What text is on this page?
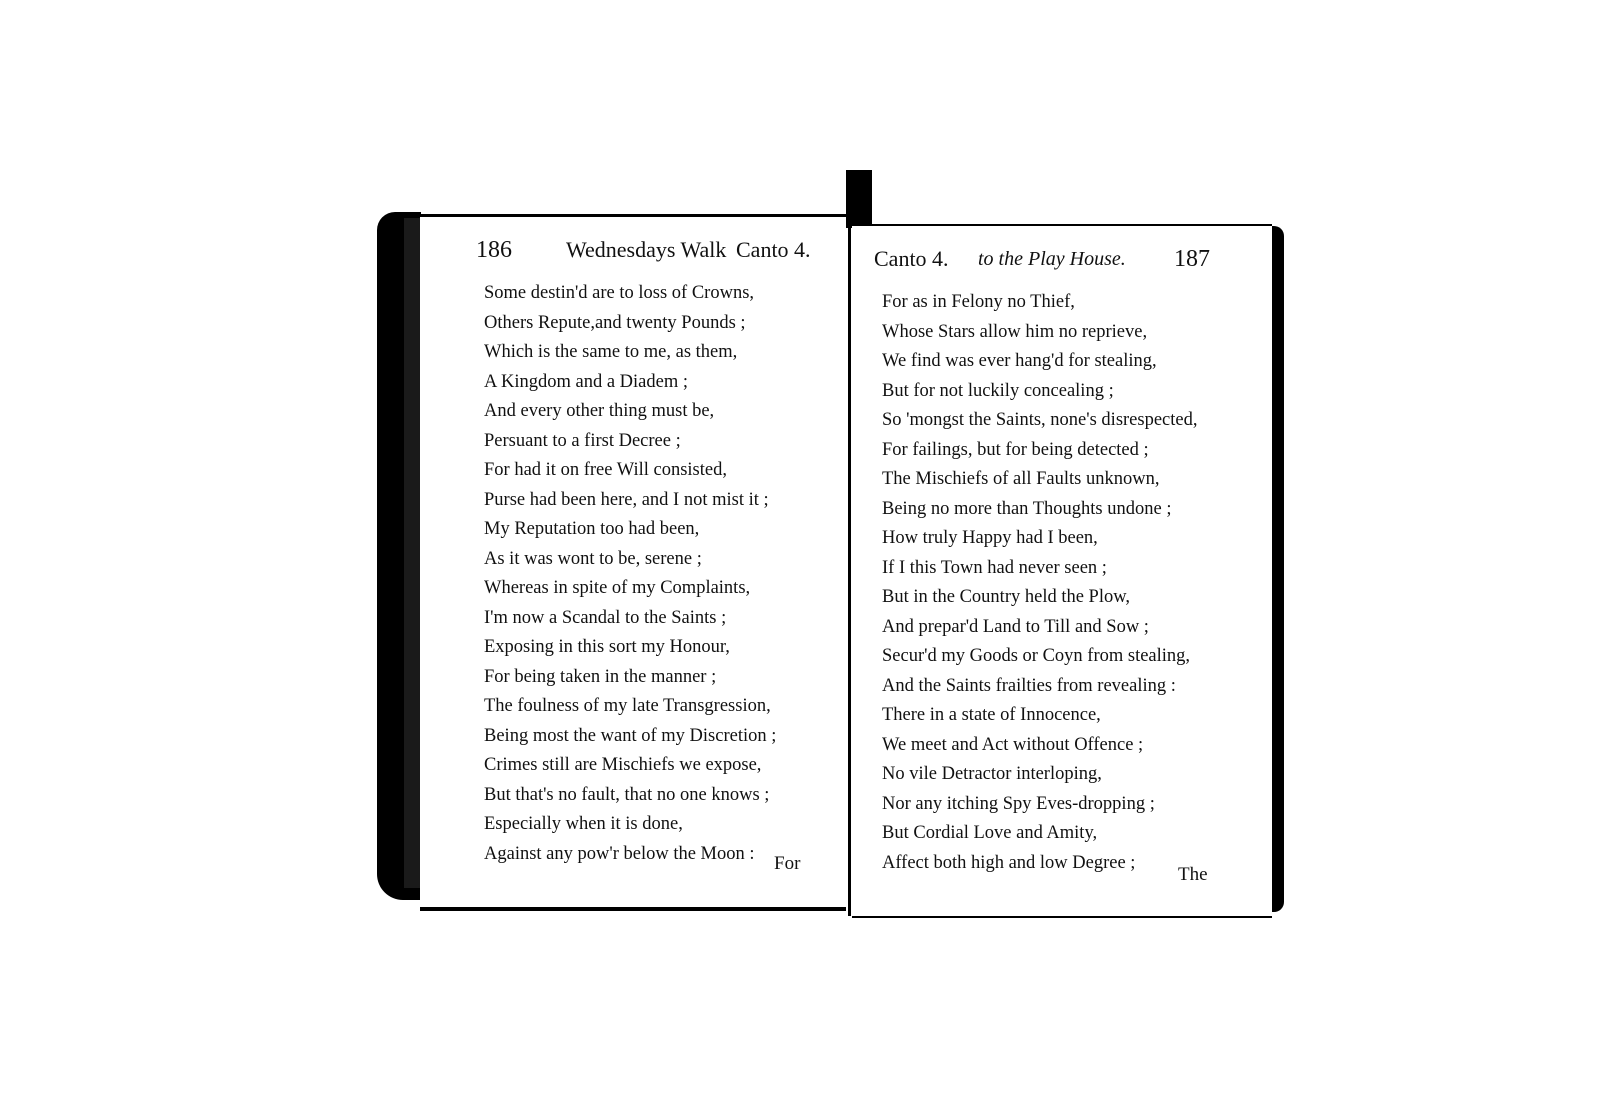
186 Wednesdays Walk Canto 4.
Some destin'd are to loss of Crowns,
Others Repute,and twenty Pounds ;
Which is the same to me, as them,
A Kingdom and a Diadem ;
And every other thing must be,
Persuant to a first Decree ;
For had it on free Will consisted,
Purse had been here, and I not mist it ;
My Reputation too had been,
As it was wont to be, serene ;
Whereas in spite of my Complaints,
I'm now a Scandal to the Saints ;
Exposing in this sort my Honour,
For being taken in the manner ;
The foulness of my late Transgression,
Being most the want of my Discretion ;
Crimes still are Mischiefs we expose,
But that's no fault, that no one knows ;
Especially when it is done,
Against any pow'r below the Moon :	For
Canto 4. to the Play House. 187
For as in Felony no Thief,
Whose Stars allow him no reprieve,
We find was ever hang'd for stealing,
But for not luckily concealing ;
So 'mongst the Saints, none's disrespected,
For failings, but for being detected ;
The Mischiefs of all Faults unknown,
Being no more than Thoughts undone ;
How truly Happy had I been,
If I this Town had never seen ;
But in the Country held the Plow,
And prepar'd Land to Till and Sow ;
Secur'd my Goods or Coyn from stealing,
And the Saints frailties from revealing :
There in a state of Innocence,
We meet and Act without Offence ;
No vile Detractor interloping,
Nor any itching Spy Eves-dropping ;
But Cordial Love and Amity,
Affect both high and low Degree ;
The
